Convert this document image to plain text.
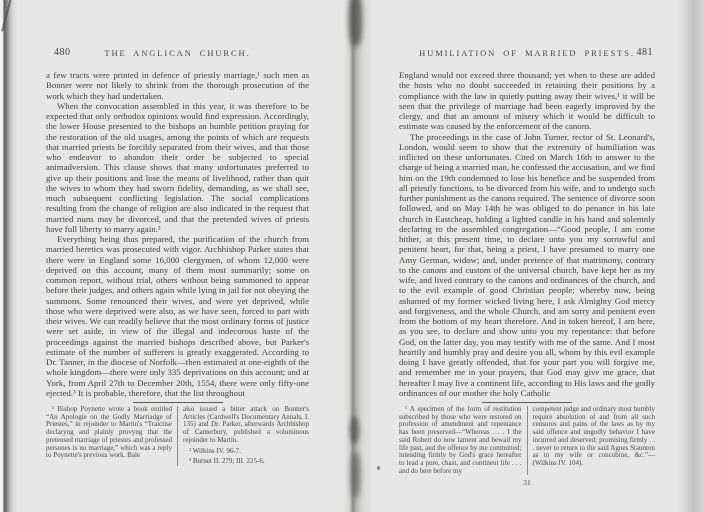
480	THE ANGLICAN CHURCH.

a few tracts were printed in defence of priestly marriage,¹ such men as Bonner were not likely to shrink from the thorough prosecution of the work which they had undertaken.

When the convocation assembled in this year, it was therefore to be expected that only orthodox opinions would find expression. Accordingly, the lower House presented to the bishops an humble petition praying for the restoration of the old usages, among the points of which are requests that married priests be forcibly separated from their wives, and that those who endeavor to abandon their order be subjected to special animadversion. This clause shows that many unfortunates preferred to give up their positions and lose the means of livelihood, rather than quit the wives to whom they had sworn fidelity, demanding, as we shall see, much subsequent conflicting legislation. The social complications resulting from the change of religion are also indicated in the request that married nuns may be divorced, and that the pretended wives of priests have full liberty to marry again.²

Everything being thus prepared, the purification of the church from married heretics was prosecuted with vigor. Archbishop Parker states that there were in England some 16,000 clergymen, of whom 12,000 were deprived on this account, many of them most summarily; some on common report, without trial, others without being summoned to appear before their judges, and others again while lying in jail for not obeying the summons. Some renounced their wives, and were yet deprived, while those who were deprived were also, as we have seen, forced to part with their wives. We can readily believe that the most ordinary forms of justice were set aside, in view of the illegal and indecorous haste of the proceedings against the married bishops described above, but Parker's estimate of the number of sufferers is greatly exaggerated. According to Dr. Tanner, in the diocese of Norfolk—then estimated at one-eighth of the whole kingdom—there were only 335 deprivations on this account; and at York, from April 27th to December 20th, 1554, there were only fifty-one ejected.³ It is probable, therefore, that the list throughout

¹ Bishop Poynette wrote a book entitled “An Apologie on the Godly Marriadge of Priestes,” in rejoinder to Martin's “Traictise declaryng and plainly provyng that the pretensed marriage of priestes and professed persones is no marriage,” which was a reply to Poynette's previous work. Bale

also issued a bitter attack on Bonner's Articles (Cardwell's Documentary Annals, I. 135) and Dr. Parker, afterwards Archbishop of Canterbury, published a voluminous rejoinder to Martin.

² Wilkins IV. 96-7.

³ Burnet II. 279; III. 225-6.

HUMILIATION OF MARRIED PRIESTS. 481

England would not exceed three thousand; yet when to these are added the hosts who no doubt succeeded in retaining their positions by a compliance with the law in quietly putting away their wives,¹ it will be seen that the privilege of marriage had been eagerly improved by the clergy, and that an amount of misery which it would be difficult to estimate was caused by the enforcement of the canons.

The proceedings in the case of John Turner, rector of St. Leonard's, London, would seem to show that the extremity of humiliation was inflicted on these unfortunates. Cited on March 16th to answer to the charge of being a married man, he confessed the accusation, and we find him on the 19th condemned to lose his benefice and be suspended from all priestly functions, to be divorced from his wife, and to undergo such further punishment as the canons required. The sentence of divorce soon followed, and on May 14th he was obliged to do penance in his late church in Eastcheap, holding a lighted candle in his hand and solemnly declaring to the assembled congregation—“Good people, I am come hither, at this present time, to declare unto you my sorrowful and penitent heart, for that, being a priest, I have presumed to marry one Amy German, widow; and, under pretence of that matrimony, contrary to the canons and custom of the universal church, have kept her as my wife, and lived contrary to the canons and ordinances of the church, and to the evil example of good Christian people; whereby now, being ashamed of my former wicked living here, I ask Almighty God mercy and forgiveness, and the whole Church, and am sorry and penitent even from the bottom of my heart therefore. And in token hereof, I am here, as you see, to declare and show unto you my repentance: that before God, on the latter day, you may testify with me of the same. And I most heartily and humbly pray and desire you all, whom by this evil example doing I have greatly offended, that for your part you will forgive me, and remember me in your prayers, that God may give me grace, that hereafter I may live a continent life, according to His laws and the godly ordinances of our mother the holy Catholic

¹ A specimen of the form of restitution subscribed by those who were restored on profession of amendment and repentance has been preserved—“Whereas . . . I the said Robert do now lament and bewail my life past, and the offence by me committed; intending firmly by God's grace hereafter to lead a pure, chast, and continent life . . . and do here before my

competent judge and ordinary most humbly require absolution of and from all such censures and pains of the laws as by my said offence and ungodly behavior I have incurred and deserved; promising firmly . . . never to return to the said Agnes Staunton as to my wife or concubine, &c.”—(Wilkins IV. 104).

31
